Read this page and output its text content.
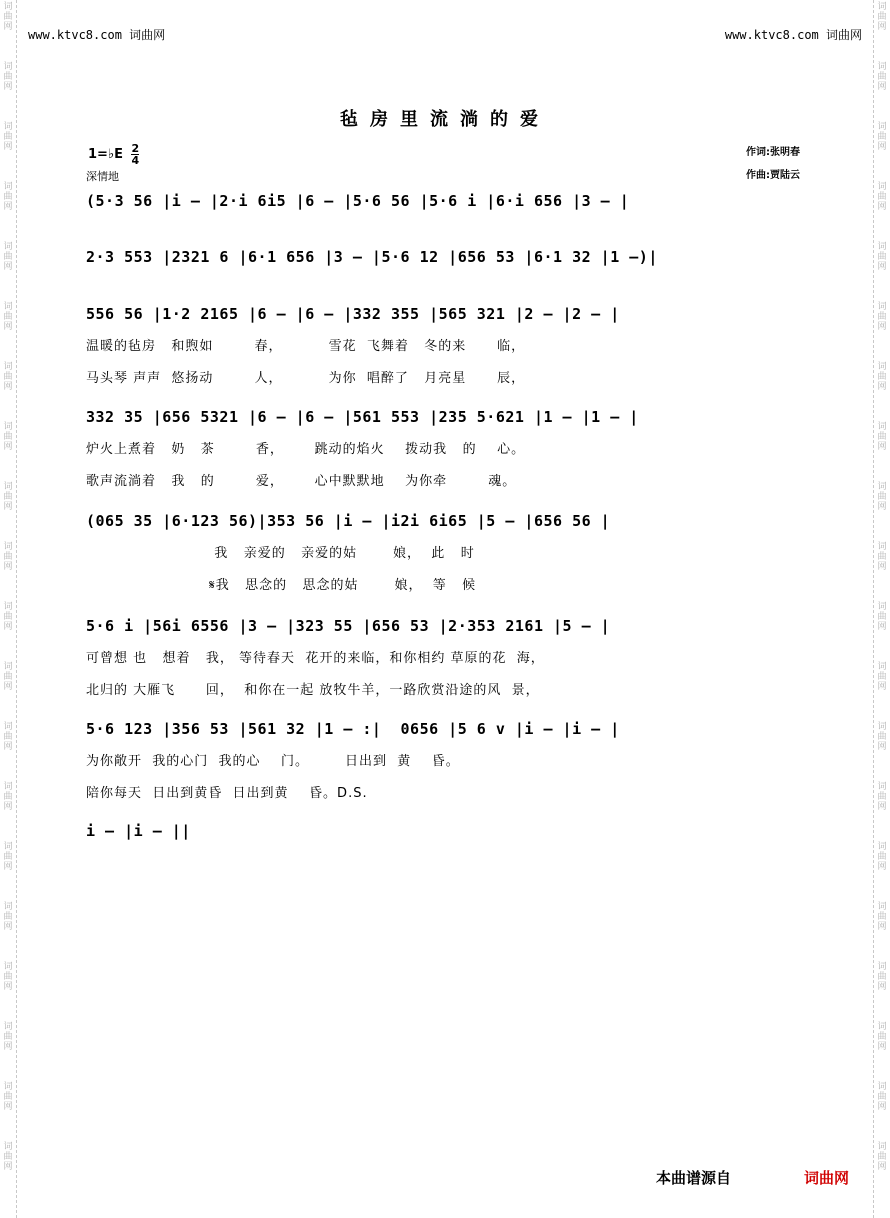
词
曲
网
词
曲
网
词
曲
网
词
曲
网
词
曲
网
词
曲
网
词
曲
网
词
曲
网
词
曲
网
词
曲
网
词
曲
网
词
曲
网
词
曲
网
词
曲
网
词
曲
网
词
曲
网
词
曲
网
词
曲
网
词
曲
网
词
曲
网
词
曲
网
词
曲
网
词
曲
网
词
曲
网
词
曲
网
词
曲
网
词
曲
网
词
曲
网
词
曲
网
词
曲
网
词
曲
网
词
曲
网
词
曲
网
词
曲
网
词
曲
网
词
曲
网
词
曲
网
词
曲
网
词
曲
网
词
曲
网
www.ktvc8.com 词曲网	www.ktvc8.com 词曲网
毡房里流淌的爱
1=♭E $\frac{2}{4}$	作词:张明春
作曲:贾陆云
深情地
(5·3 56 |i — |2·i 6i5 |6 — |5·6 56 |5·6 i |6·i 656 |3 — |
2·3 553 |2321 6 |6·1 656 |3 — |5·6 12 |656 53 |6·1 32 |1 —)|
556 56 |1·2 2165 |6 — |6 — |332 355 |565 321 |2 — |2 — |
温暖的毡房   和煦如        春，         雪花  飞舞着   冬的来      临，
马头琴 声声  悠扬动        人，         为你  唱醉了   月亮星      辰，
332 35 |656 5321 |6 — |6 — |561 553 |235 5·621 |1 — |1 — |
炉火上煮着   奶   茶        香，      跳动的焰火    拨动我   的    心。
歌声流淌着   我   的        爱，      心中默默地    为你牵        魂。
(065 35 |6·123 56)|353 56 |i — |i2i 6i65 |5 — |656 56 |
我   亲爱的   亲爱的姑       娘，  此   时
𝄋我   思念的   思念的姑       娘，  等   候
5·6 i |56i 6556 |3 — |323 55 |656 53 |2·353 2161 |5 — |
可曾想 也   想着   我， 等待春天  花开的来临，和你相约 草原的花  海，
北归的 大雁飞      回，  和你在一起 放牧牛羊，一路欣赏沿途的风  景，
5·6 123 |356 53 |561 32 |1 — :|  0656 |5 6 v |i — |i — |
为你敞开  我的心门  我的心    门。       日出到  黄    昏。
陪你每天  日出到黄昏  日出到黄    昏。D.S.
i — |i — ||
本曲谱源自	词曲网
